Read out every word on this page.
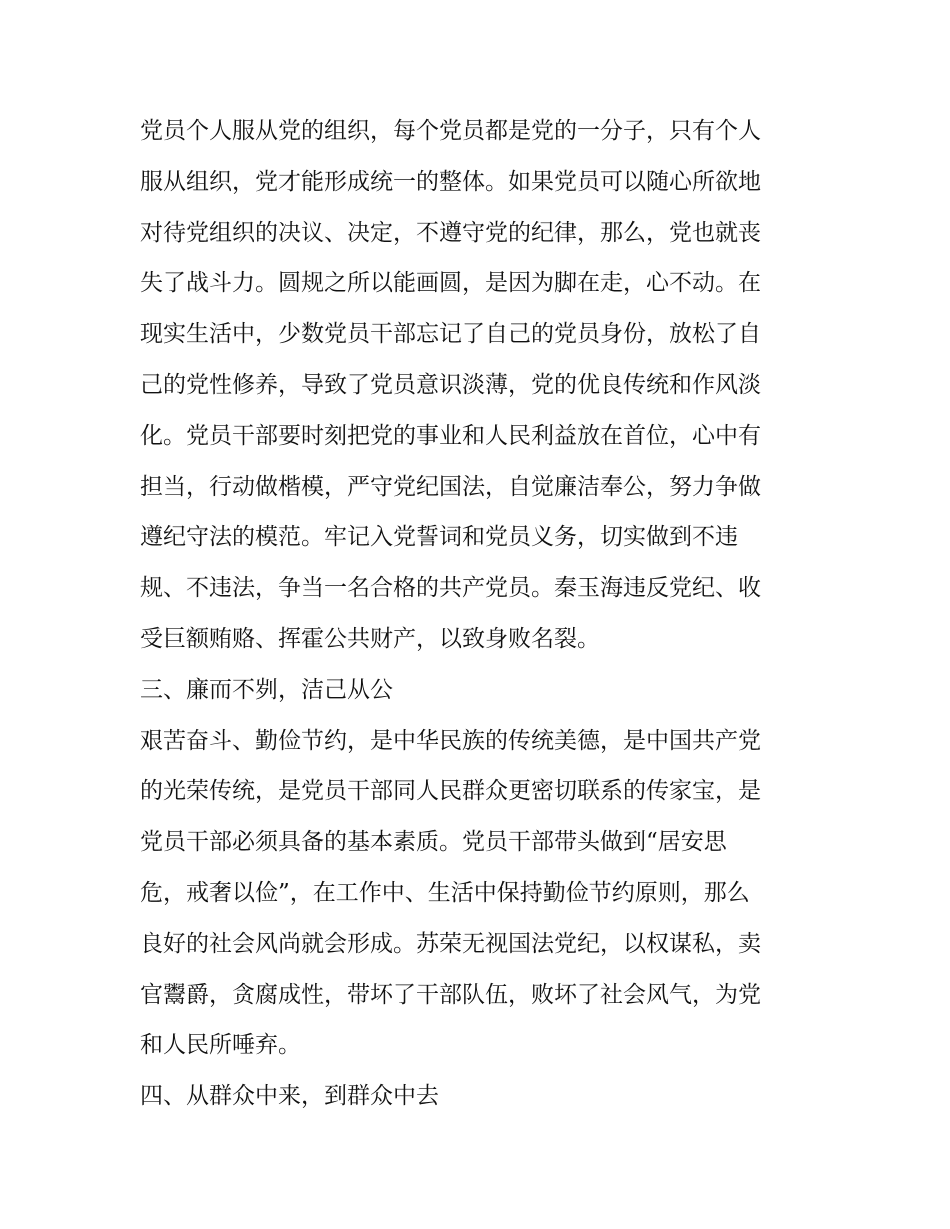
党员个人服从党的组织，每个党员都是党的一分子，只有个人
服从组织，党才能形成统一的整体。如果党员可以随心所欲地
对待党组织的决议、决定，不遵守党的纪律，那么，党也就丧
失了战斗力。圆规之所以能画圆，是因为脚在走，心不动。在
现实生活中，少数党员干部忘记了自己的党员身份，放松了自
己的党性修养，导致了党员意识淡薄，党的优良传统和作风淡
化。党员干部要时刻把党的事业和人民利益放在首位，心中有
担当，行动做楷模，严守党纪国法，自觉廉洁奉公，努力争做
遵纪守法的模范。牢记入党誓词和党员义务，切实做到不违
规、不违法，争当一名合格的共产党员。秦玉海违反党纪、收
受巨额贿赂、挥霍公共财产，以致身败名裂。
三、廉而不刿，洁己从公
艰苦奋斗、勤俭节约，是中华民族的传统美德，是中国共产党
的光荣传统，是党员干部同人民群众更密切联系的传家宝，是
党员干部必须具备的基本素质。党员干部带头做到“居安思
危，戒奢以俭”，在工作中、生活中保持勤俭节约原则，那么
良好的社会风尚就会形成。苏荣无视国法党纪，以权谋私，卖
官鬻爵，贪腐成性，带坏了干部队伍，败坏了社会风气，为党
和人民所唾弃。
四、从群众中来，到群众中去
